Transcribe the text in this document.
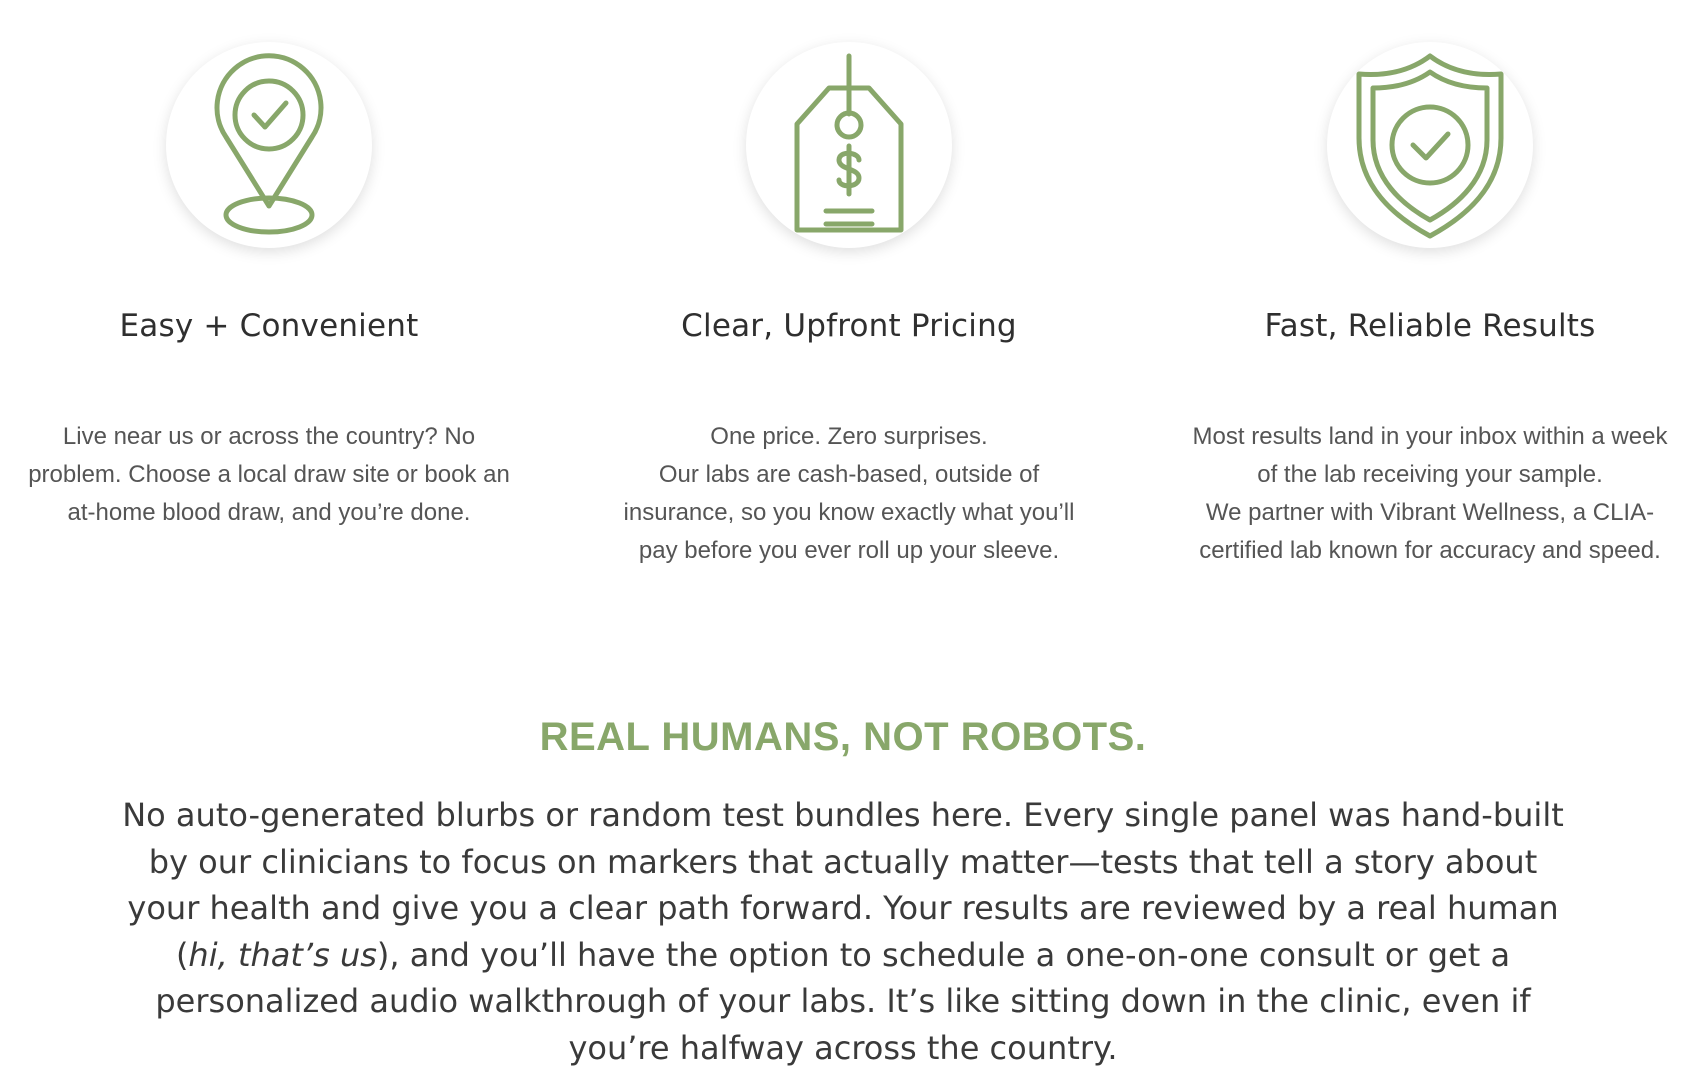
Easy + Convenient
Live near us or across the country? No
problem. Choose a local draw site or book an
at-home blood draw, and you’re done.
Clear, Upfront Pricing
One price. Zero surprises.
Our labs are cash-based, outside of
insurance, so you know exactly what you’ll
pay before you ever roll up your sleeve.
Fast, Reliable Results
Most results land in your inbox within a week
of the lab receiving your sample.
We partner with Vibrant Wellness, a CLIA-
certified lab known for accuracy and speed.
REAL HUMANS, NOT ROBOTS.
No auto-generated blurbs or random test bundles here. Every single panel was hand-built by our clinicians to focus on markers that actually matter—tests that tell a story about your health and give you a clear path forward. Your results are reviewed by a real human (hi, that’s us), and you’ll have the option to schedule a one-on-one consult or get a personalized audio walkthrough of your labs. It’s like sitting down in the clinic, even if you’re halfway across the country.
